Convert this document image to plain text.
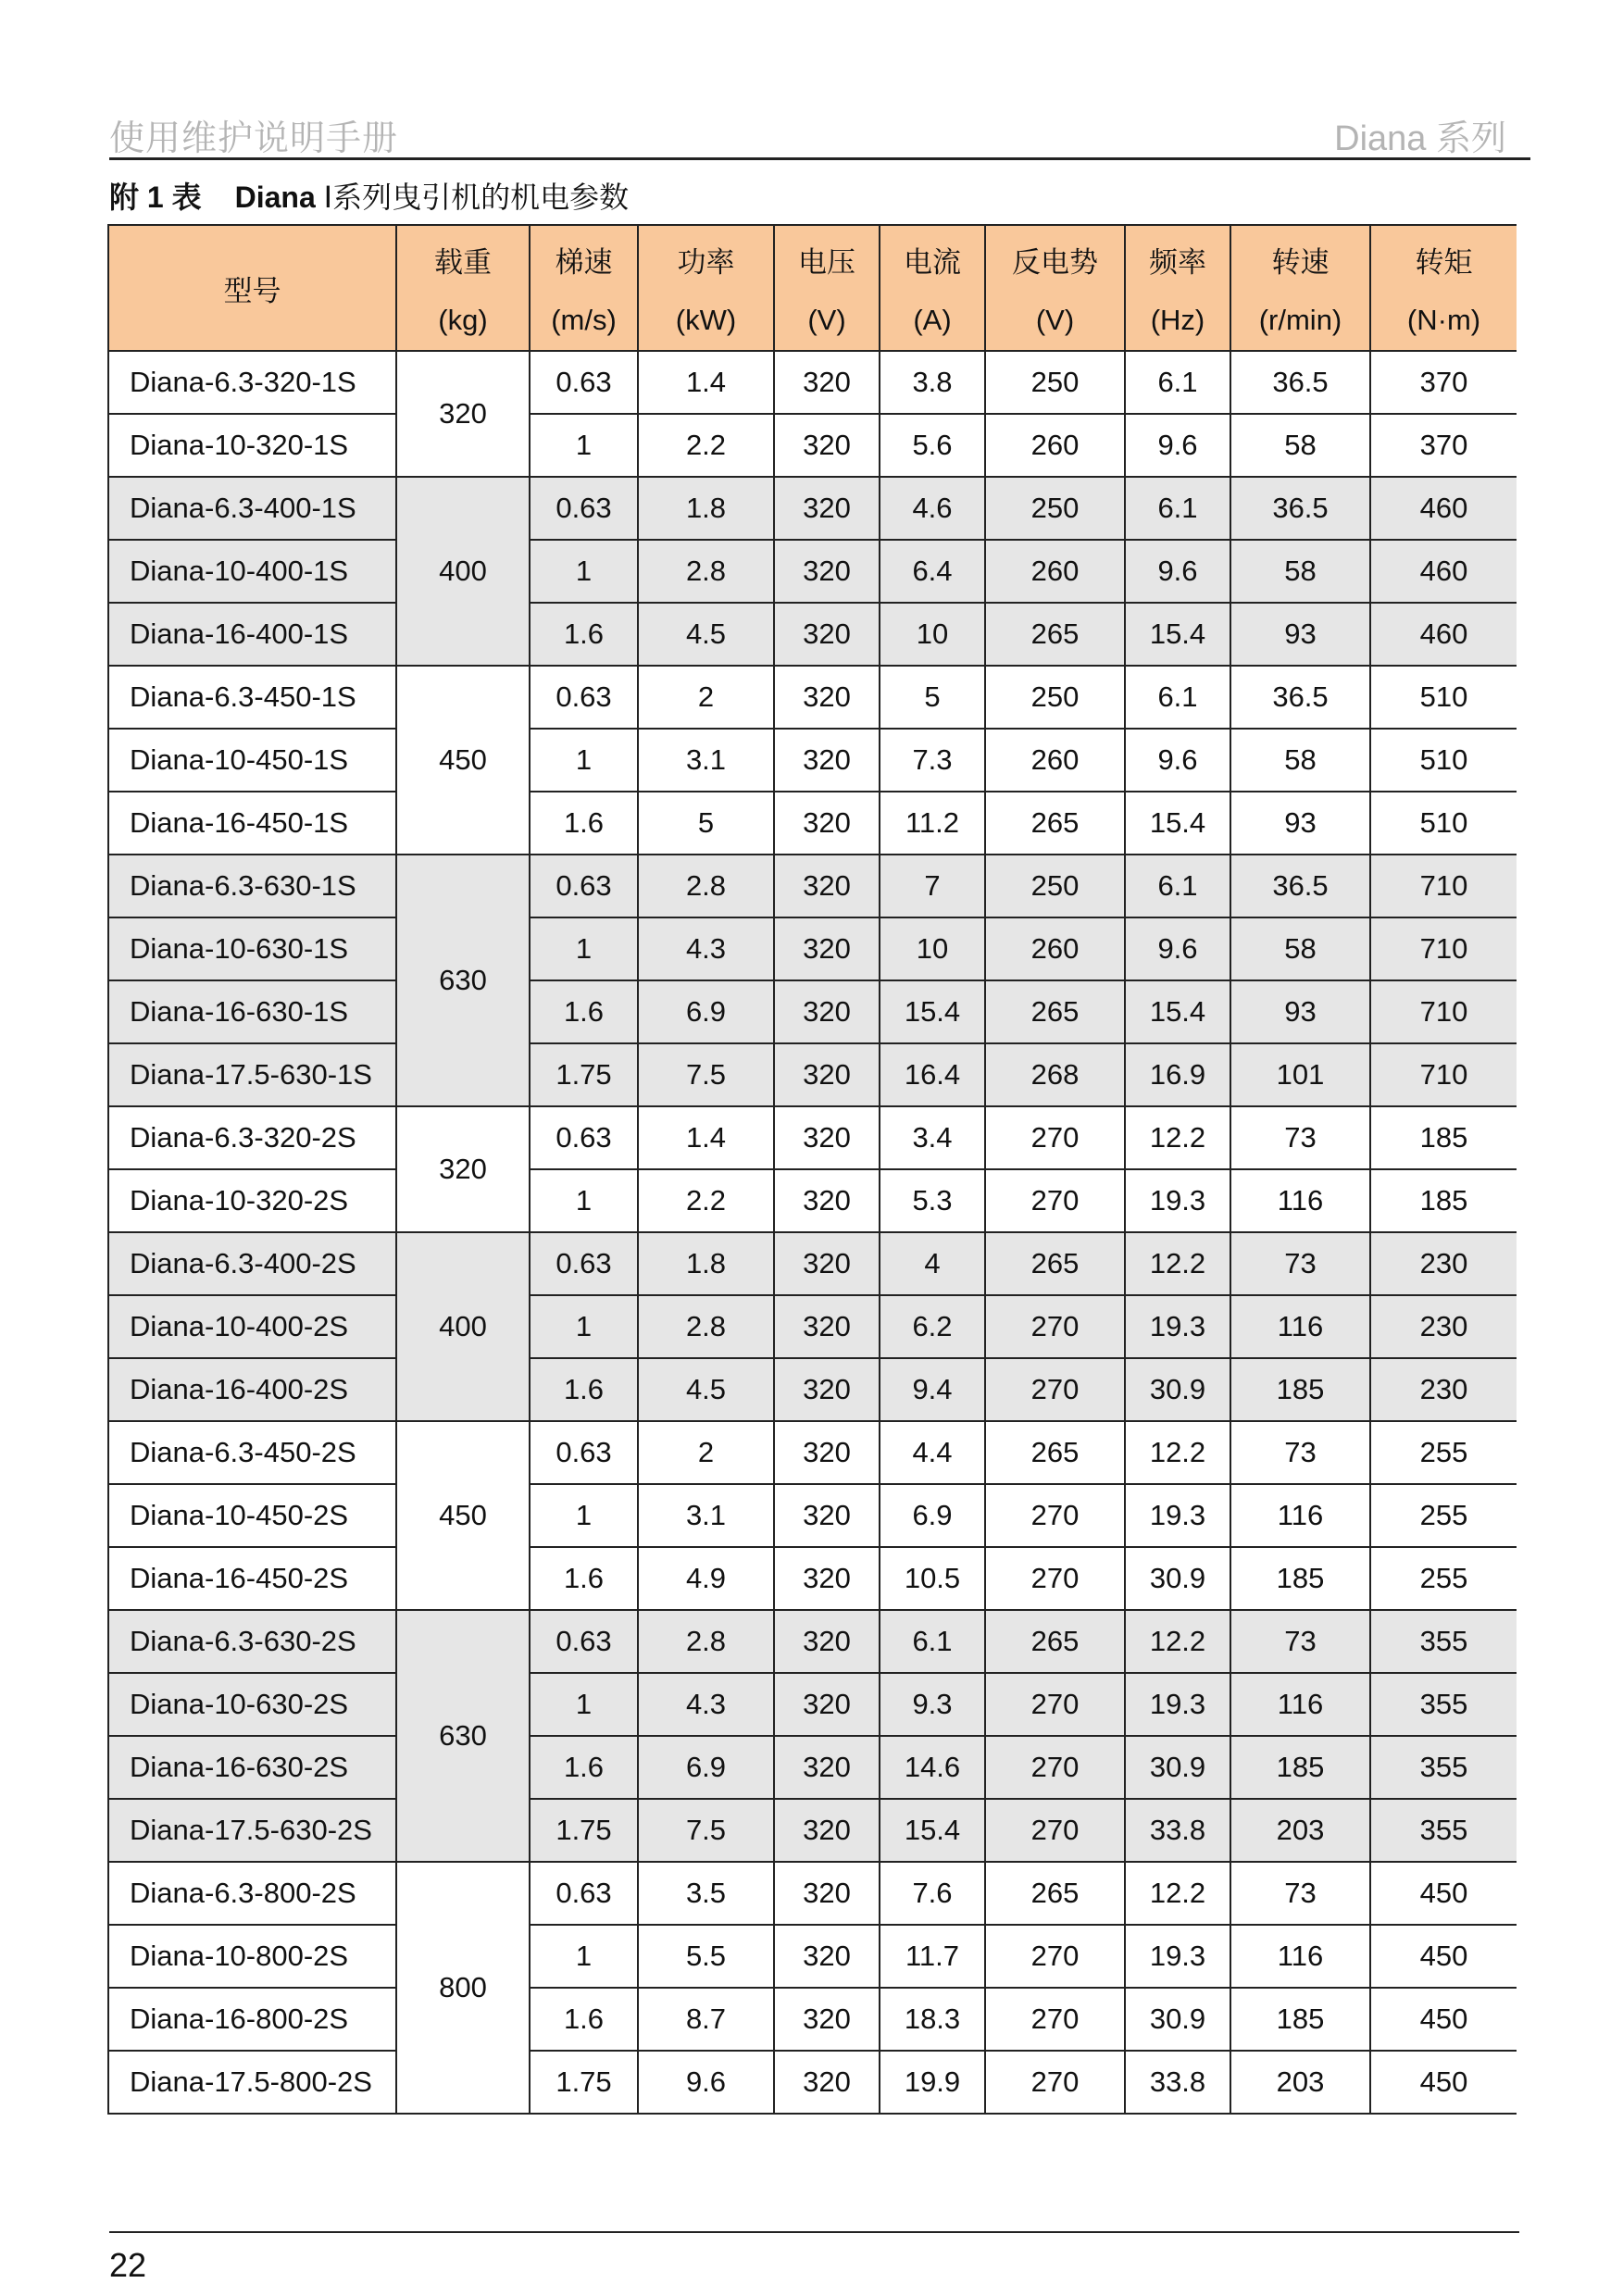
使用维护说明手册	Diana 系列
附 1 表 Diana Ⅰ系列曳引机的机电参数
型号	载重	梯速	功率	电压	电流	反电势	频率	转速	转矩
	(kg)	(m/s)	(kW)	(V)	(A)	(V)	(Hz)	(r/min)	(N·m)
Diana-6.3-320-1S	320	0.63	1.4	320	3.8	250	6.1	36.5	370
Diana-10-320-1S		1	2.2	320	5.6	260	9.6	58	370
Diana-6.3-400-1S	400	0.63	1.8	320	4.6	250	6.1	36.5	460
Diana-10-400-1S		1	2.8	320	6.4	260	9.6	58	460
Diana-16-400-1S		1.6	4.5	320	10	265	15.4	93	460
Diana-6.3-450-1S	450	0.63	2	320	5	250	6.1	36.5	510
Diana-10-450-1S		1	3.1	320	7.3	260	9.6	58	510
Diana-16-450-1S		1.6	5	320	11.2	265	15.4	93	510
Diana-6.3-630-1S	630	0.63	2.8	320	7	250	6.1	36.5	710
Diana-10-630-1S		1	4.3	320	10	260	9.6	58	710
Diana-16-630-1S		1.6	6.9	320	15.4	265	15.4	93	710
Diana-17.5-630-1S		1.75	7.5	320	16.4	268	16.9	101	710
Diana-6.3-320-2S	320	0.63	1.4	320	3.4	270	12.2	73	185
Diana-10-320-2S		1	2.2	320	5.3	270	19.3	116	185
Diana-6.3-400-2S	400	0.63	1.8	320	4	265	12.2	73	230
Diana-10-400-2S		1	2.8	320	6.2	270	19.3	116	230
Diana-16-400-2S		1.6	4.5	320	9.4	270	30.9	185	230
Diana-6.3-450-2S	450	0.63	2	320	4.4	265	12.2	73	255
Diana-10-450-2S		1	3.1	320	6.9	270	19.3	116	255
Diana-16-450-2S		1.6	4.9	320	10.5	270	30.9	185	255
Diana-6.3-630-2S	630	0.63	2.8	320	6.1	265	12.2	73	355
Diana-10-630-2S		1	4.3	320	9.3	270	19.3	116	355
Diana-16-630-2S		1.6	6.9	320	14.6	270	30.9	185	355
Diana-17.5-630-2S		1.75	7.5	320	15.4	270	33.8	203	355
Diana-6.3-800-2S	800	0.63	3.5	320	7.6	265	12.2	73	450
Diana-10-800-2S		1	5.5	320	11.7	270	19.3	116	450
Diana-16-800-2S		1.6	8.7	320	18.3	270	30.9	185	450
Diana-17.5-800-2S		1.75	9.6	320	19.9	270	33.8	203	450
22
